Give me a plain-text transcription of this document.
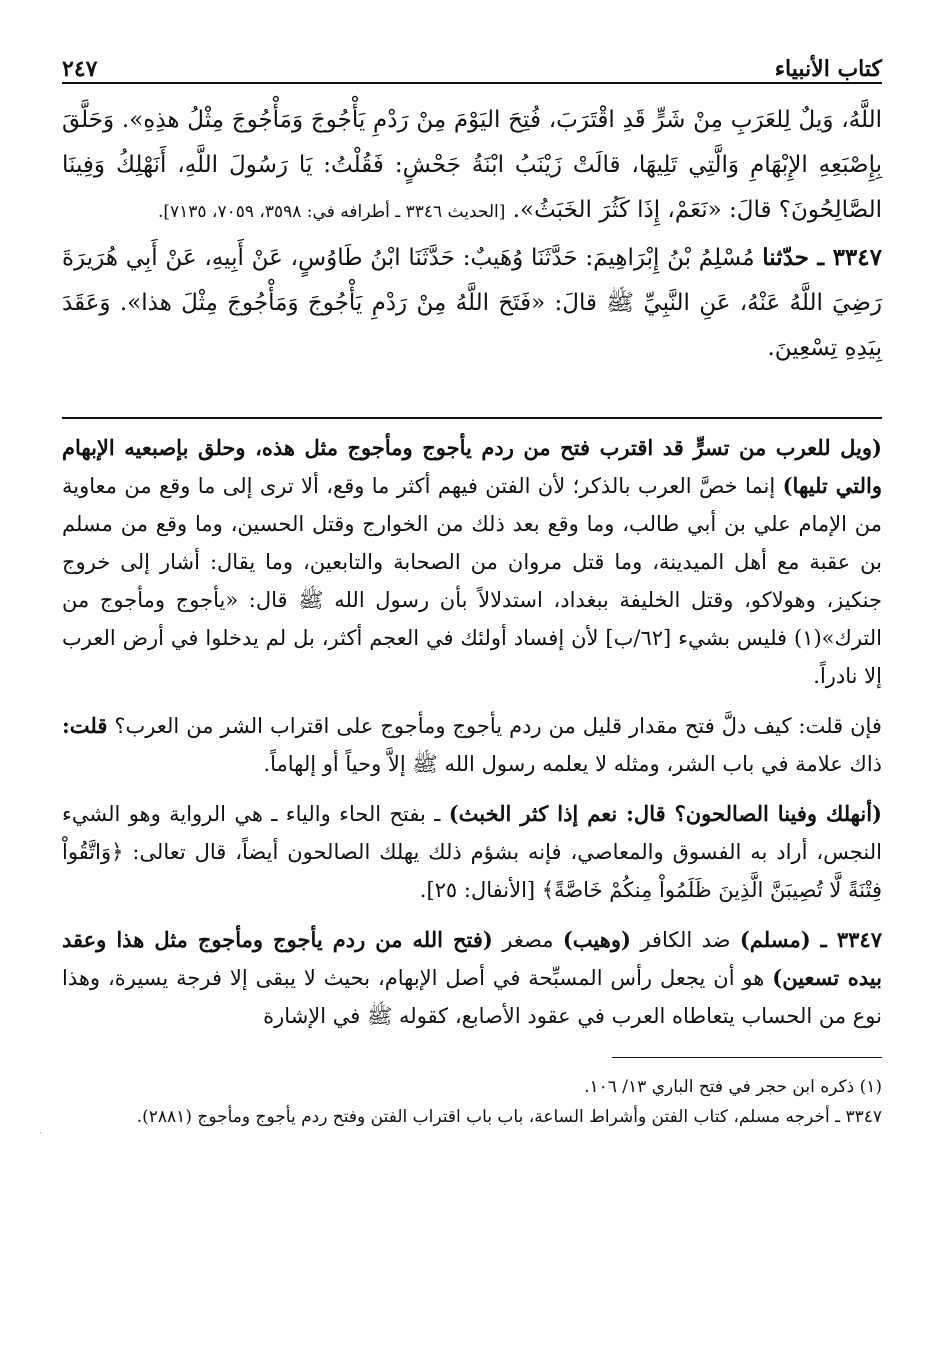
كتاب الأنبياء
٢٤٧

اللَّهُ، وَيلٌ لِلعَرَبِ مِنْ شَرٍّ قَدِ اقْتَرَبَ، فُتِحَ اليَوْمَ مِنْ رَدْمِ يَأْجُوجَ وَمَأْجُوجَ مِثْلُ هذِهِ». وَحَلَّقَ بِإِصْبَعِهِ الإِبْهَامِ وَالَّتِي تَلِيهَا، قالَتْ زَيْنَبُ ابْنَةُ جَحْشٍ: فَقُلْتُ: يَا رَسُولَ اللَّهِ، أَنَهْلِكُ وَفِينَا الصَّالِحُونَ؟ قالَ: «نَعَمْ، إِذَا كَثُرَ الخَبَثُ». [الحديث ٣٣٤٦ ـ أطرافه في: ٣٥٩٨، ٧٠٥٩، ٧١٣٥].

٣٣٤٧ ـ حدّثنا مُسْلِمُ بْنُ إِبْرَاهِيمَ: حَدَّثَنَا وُهَيبٌ: حَدَّثَنَا ابْنُ طَاوُسٍ، عَنْ أَبِيهِ، عَنْ أَبِي هُرَيرَةَ رَضِيَ اللَّهُ عَنْهُ، عَنِ النَّبِيِّ ﷺ قالَ: «فَتَحَ اللَّهُ مِنْ رَدْمِ يَأْجُوجَ وَمَأْجُوجَ مِثْلَ هذا». وَعَقَدَ بِيَدِهِ تِسْعِينَ.

(ويل للعرب من تسرٍّ قد اقترب فتح من ردم يأجوج ومأجوج مثل هذه، وحلق بإصبعيه الإبهام والتي تليها) إنما خصَّ العرب بالذكر؛ لأن الفتن فيهم أكثر ما وقع، ألا ترى إلى ما وقع من معاوية من الإمام علي بن أبي طالب، وما وقع بعد ذلك من الخوارج وقتل الحسين، وما وقع من مسلم بن عقبة مع أهل الميدينة، وما قتل مروان من الصحابة والتابعين، وما يقال: أشار إلى خروج جنكيز، وهولاكو، وقتل الخليفة ببغداد، استدلالاً بأن رسول الله ﷺ قال: «يأجوج ومأجوج من الترك»(١) فليس بشيء [٦٢/ب] لأن إفساد أولئك في العجم أكثر، بل لم يدخلوا في أرض العرب إلا نادراً.

فإن قلت: كيف دلَّ فتح مقدار قليل من ردم يأجوج ومأجوج على اقتراب الشر من العرب؟ قلت: ذاك علامة في باب الشر، ومثله لا يعلمه رسول الله ﷺ إلاَّ وحياً أو إلهاماً.

(أنهلك وفينا الصالحون؟ قال: نعم إذا كثر الخبث) ـ بفتح الحاء والياء ـ هي الرواية وهو الشيء النجس، أراد به الفسوق والمعاصي، فإنه بشؤم ذلك يهلك الصالحون أيضاً، قال تعالى: ﴿وَاتَّقُواْ فِتْنَةً لَّا تُصِيبَنَّ الَّذِينَ ظَلَمُواْ مِنكُمْ خَاصَّةً﴾ [الأنفال: ٢٥].

٣٣٤٧ ـ (مسلم) ضد الكافر (وهيب) مصغر (فتح الله من ردم يأجوج ومأجوج مثل هذا وعقد بيده تسعين) هو أن يجعل رأس المسبِّحة في أصل الإبهام، بحيث لا يبقى إلا فرجة يسيرة، وهذا نوع من الحساب يتعاطاه العرب في عقود الأصابع، كقوله ﷺ في الإشارة

(١) ذكره ابن حجر في فتح الباري ١٣/ ١٠٦.

٣٣٤٧ ـ أخرجه مسلم، كتاب الفتن وأشراط الساعة، باب باب اقتراب الفتن وفتح ردم يأجوج ومأجوج (٢٨٨١).
